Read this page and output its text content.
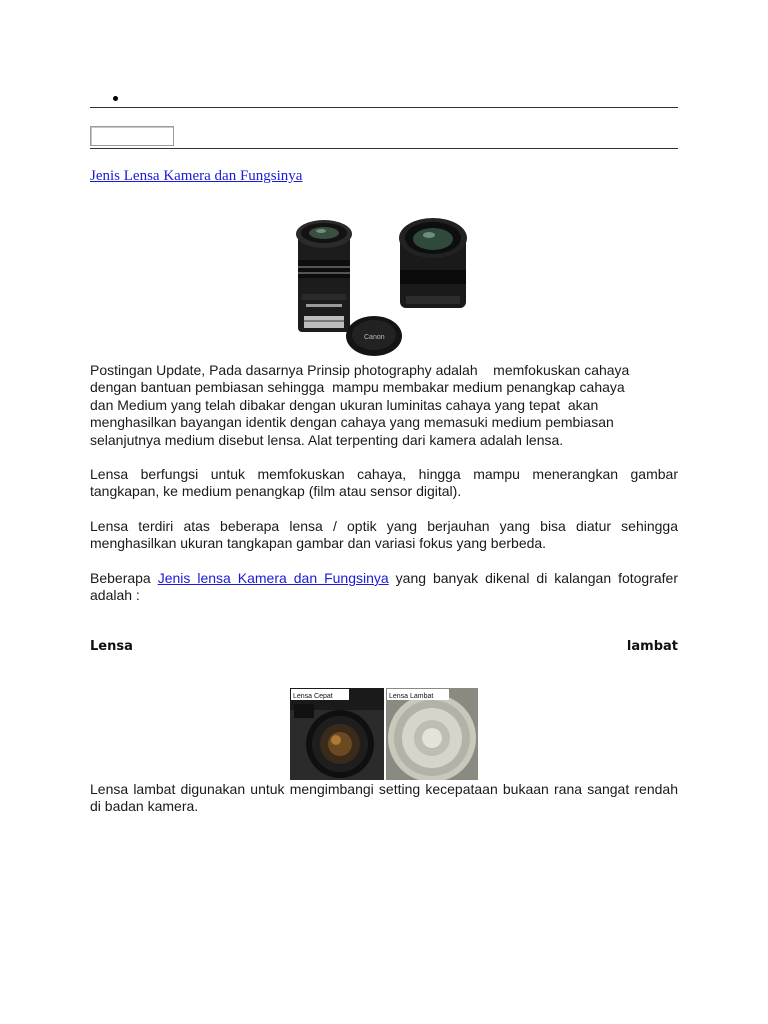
Jenis Lensa Kamera dan Fungsinya
Canon
Postingan Update, Pada dasarnya Prinsip photography adalah    memfokuskan cahaya
dengan bantuan pembiasan sehingga  mampu membakar medium penangkap cahaya
dan Medium yang telah dibakar dengan ukuran luminitas cahaya yang tepat  akan
menghasilkan bayangan identik dengan cahaya yang memasuki medium pembiasan
selanjutnya medium disebut lensa. Alat terpenting dari kamera adalah lensa.

Lensa berfungsi untuk memfokuskan cahaya, hingga mampu menerangkan gambar tangkapan, ke medium penangkap (film atau sensor digital).

Lensa terdiri atas beberapa lensa / optik yang berjauhan yang bisa diatur sehingga menghasilkan ukuran tangkapan gambar dan variasi fokus yang berbeda.

Beberapa Jenis lensa Kamera dan Fungsinya yang banyak dikenal di kalangan fotografer adalah :

Lensa	lambat
Lensa Cepat	Lensa Lambat

Lensa lambat digunakan untuk mengimbangi setting kecepataan bukaan rana sangat rendah di badan kamera.
